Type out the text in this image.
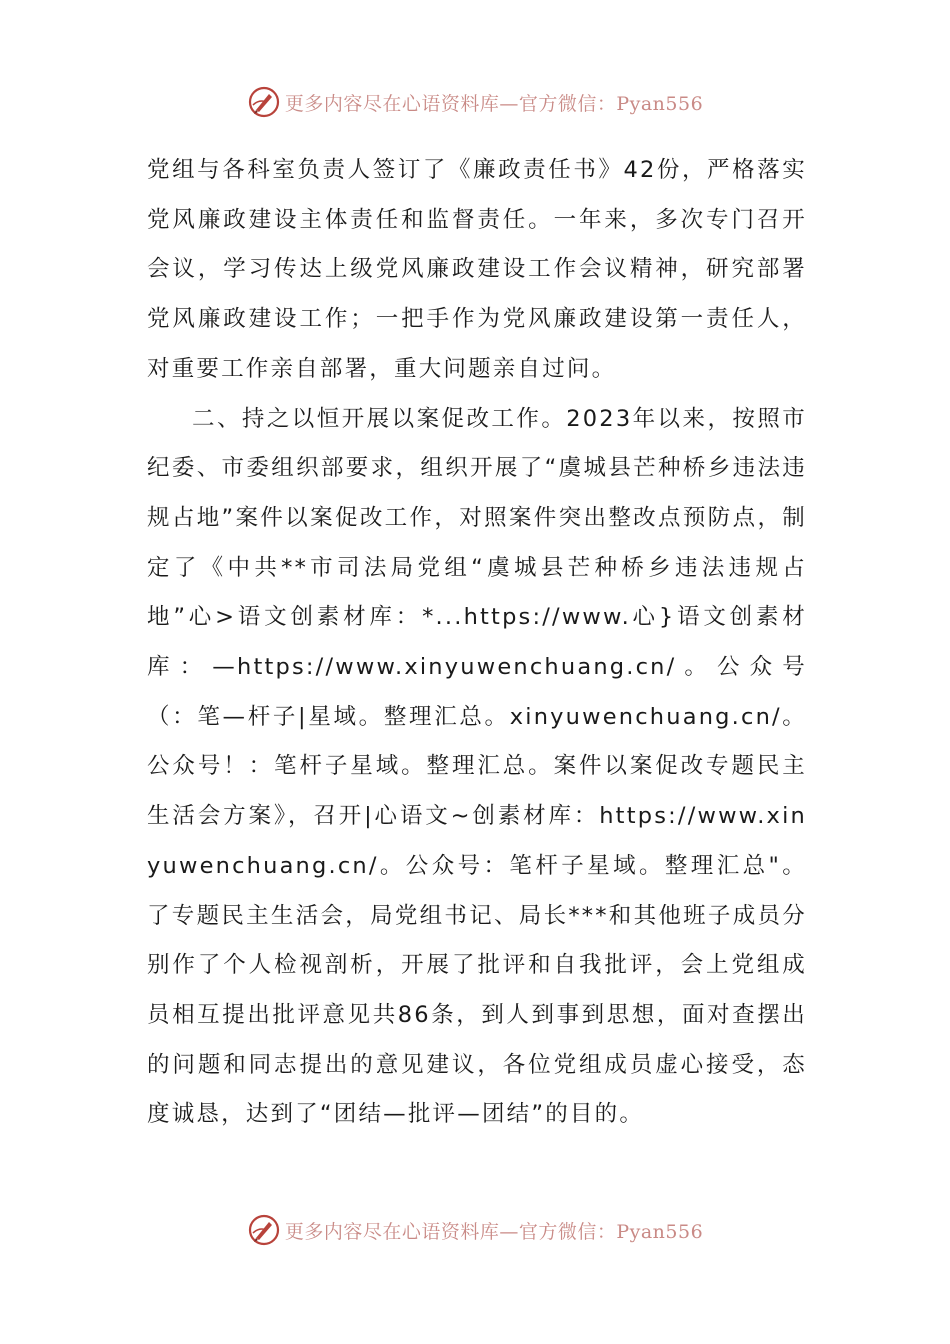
更多内容尽在心语资料库—官方微信：Pyan556

党组与各科室负责人签订了《廉政责任书》42份，严格落实党风廉政建设主体责任和监督责任。一年来，多次专门召开会议，学习传达上级党风廉政建设工作会议精神，研究部署党风廉政建设工作；一把手作为党风廉政建设第一责任人，对重要工作亲自部署，重大问题亲自过问。

二、持之以恒开展以案促改工作。2023年以来，按照市纪委、市委组织部要求，组织开展了“虞城县芒种桥乡违法违规占地”案件以案促改工作，对照案件突出整改点预防点，制定了《中共**市司法局党组“虞城县芒种桥乡违法违规占地”心>语文创素材库：*...https://www.心}语文创素材库：—https://www.xinyuwenchuang.cn/。公众号（：笔—杆子|星域。整理汇总。xinyuwenchuang.cn/。公众号！：笔杆子星域。整理汇总。案件以案促改专题民主生活会方案》，召开|心语文~创素材库：https://www.xinyuwenchuang.cn/。公众号：笔杆子星域。整理汇总"。了专题民主生活会，局党组书记、局长***和其他班子成员分别作了个人检视剖析，开展了批评和自我批评，会上党组成员相互提出批评意见共86条，到人到事到思想，面对查摆出的问题和同志提出的意见建议，各位党组成员虚心接受，态度诚恳，达到了“团结—批评—团结”的目的。

更多内容尽在心语资料库—官方微信：Pyan556
